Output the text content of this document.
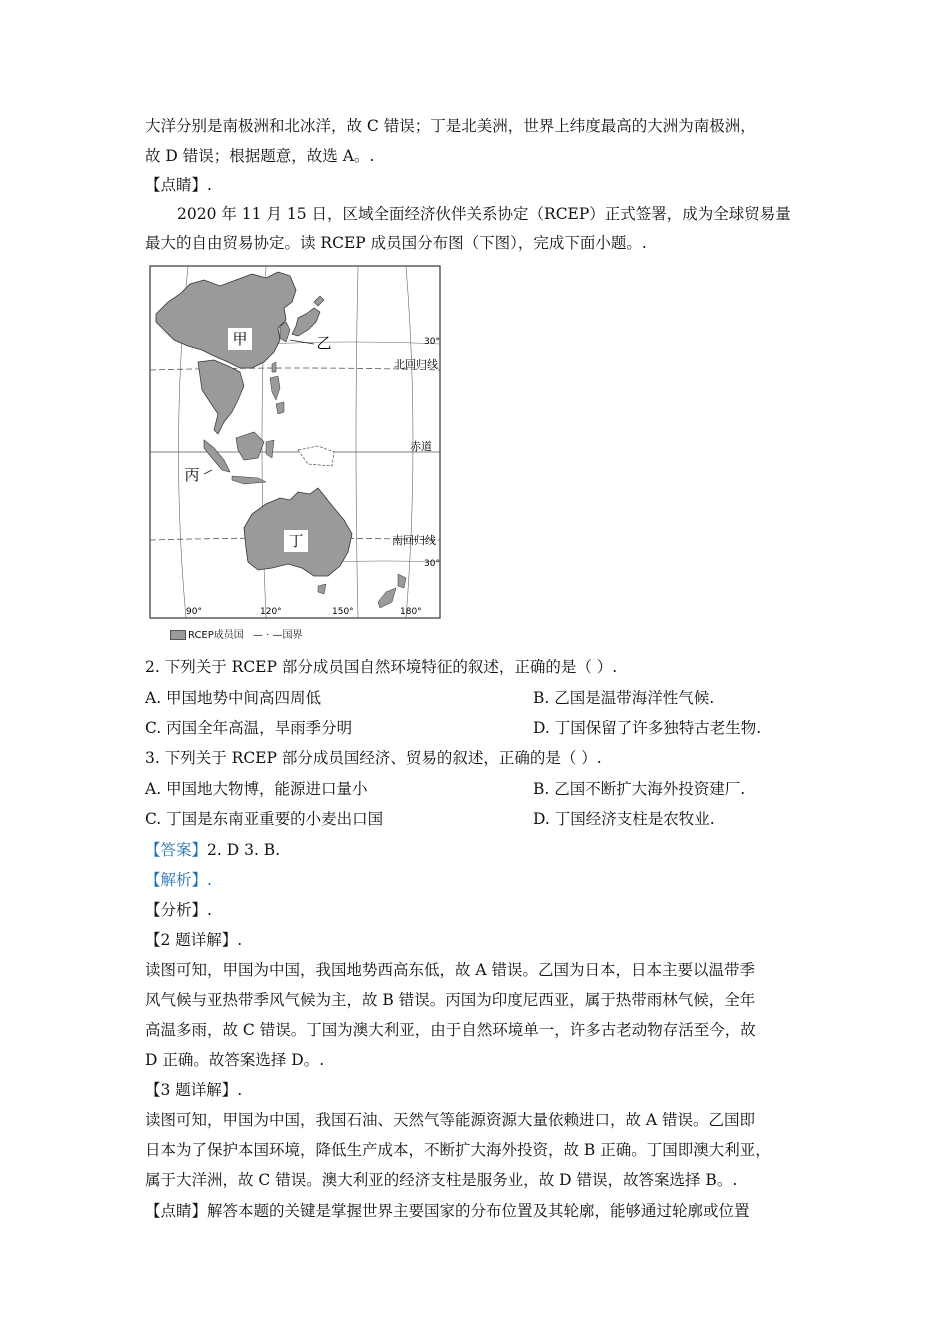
大洋分别是南极洲和北冰洋，故 C 错误；丁是北美洲，世界上纬度最高的大洲为南极洲，
故 D 错误；根据题意，故选 A。.
【点睛】.
2020 年 11 月 15 日，区域全面经济伙伴关系协定（RCEP）正式签署，成为全球贸易量
最大的自由贸易协定。读 RCEP 成员国分布图（下图），完成下面小题。.
甲	乙
丙
丁
30°
北回归线
赤道
南回归线
30°
90°	120°	150°	180°
RCEP成员国 — · —国界
2. 下列关于 RCEP 部分成员国自然环境特征的叙述，正确的是（ ）.
A. 甲国地势中间高四周低	B. 乙国是温带海洋性气候.
C. 丙国全年高温，旱雨季分明	D. 丁国保留了许多独特古老生物.
3. 下列关于 RCEP 部分成员国经济、贸易的叙述，正确的是（ ）.
A. 甲国地大物博，能源进口量小	B. 乙国不断扩大海外投资建厂.
C. 丁国是东南亚重要的小麦出口国	D. 丁国经济支柱是农牧业.
【答案】2. D 3. B.
【解析】.
【分析】.
【2 题详解】.
读图可知，甲国为中国，我国地势西高东低，故 A 错误。乙国为日本，日本主要以温带季
风气候与亚热带季风气候为主，故 B 错误。丙国为印度尼西亚，属于热带雨林气候，全年
高温多雨，故 C 错误。丁国为澳大利亚，由于自然环境单一，许多古老动物存活至今，故
D 正确。故答案选择 D。.
【3 题详解】.
读图可知，甲国为中国，我国石油、天然气等能源资源大量依赖进口，故 A 错误。乙国即
日本为了保护本国环境，降低生产成本，不断扩大海外投资，故 B 正确。丁国即澳大利亚，
属于大洋洲，故 C 错误。澳大利亚的经济支柱是服务业，故 D 错误，故答案选择 B。.
【点睛】解答本题的关键是掌握世界主要国家的分布位置及其轮廓，能够通过轮廓或位置
